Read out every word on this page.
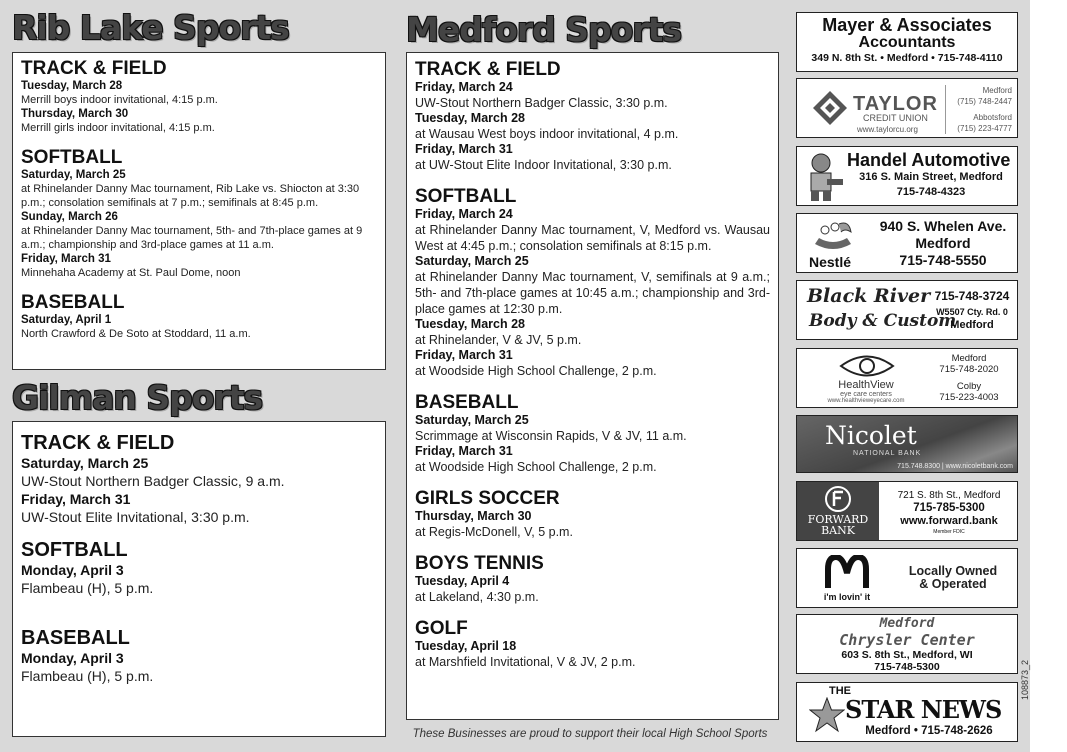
Rib Lake Sports
TRACK & FIELD
Tuesday, March 28
Merrill boys indoor invitational, 4:15 p.m.
Thursday, March 30
Merrill girls indoor invitational, 4:15 p.m.
SOFTBALL
Saturday, March 25
at Rhinelander Danny Mac tournament, Rib Lake vs. Shiocton at 3:30 p.m.; consolation semifinals at 7 p.m.; semifinals at 8:45 p.m.
Sunday, March 26
at Rhinelander Danny Mac tournament, 5th- and 7th-place games at 9 a.m.; championship and 3rd-place games at 11 a.m.
Friday, March 31
Minnehaha Academy at St. Paul Dome, noon
BASEBALL
Saturday, April 1
North Crawford & De Soto at Stoddard, 11 a.m.
Gilman Sports
TRACK & FIELD
Saturday, March 25
UW-Stout Northern Badger Classic, 9 a.m.
Friday, March 31
UW-Stout Elite Invitational, 3:30 p.m.
SOFTBALL
Monday, April 3
Flambeau (H), 5 p.m.
BASEBALL
Monday, April 3
Flambeau (H), 5 p.m.
Medford Sports
TRACK & FIELD
Friday, March 24
UW-Stout Northern Badger Classic, 3:30 p.m.
Tuesday, March 28
at Wausau West boys indoor invitational, 4 p.m.
Friday, March 31
at UW-Stout Elite Indoor Invitational, 3:30 p.m.
SOFTBALL
Friday, March 24
at Rhinelander Danny Mac tournament, V, Medford vs. Wausau West at 4:45 p.m.; consolation semifinals at 8:15 p.m.
Saturday, March 25
at Rhinelander Danny Mac tournament, V, semifinals at 9 a.m.; 5th- and 7th-place games at 10:45 a.m.; championship and 3rd-place games at 12:30 p.m.
Tuesday, March 28
at Rhinelander, V & JV, 5 p.m.
Friday, March 31
at Woodside High School Challenge, 2 p.m.
BASEBALL
Saturday, March 25
Scrimmage at Wisconsin Rapids, V & JV, 11 a.m.
Friday, March 31
at Woodside High School Challenge, 2 p.m.
GIRLS SOCCER
Thursday, March 30
at Regis-McDonell, V, 5 p.m.
BOYS TENNIS
Tuesday, April 4
at Lakeland, 4:30 p.m.
GOLF
Tuesday, April 18
at Marshfield Invitational, V & JV, 2 p.m.
These Businesses are proud to support their local High School Sports
Mayer & Associates
Accountants
349 N. 8th St. • Medford • 715-748-4110
TAYLOR
CREDIT UNION
www.taylorcu.org
Medford
(715) 748-2447
Abbotsford
(715) 223-4777
Handel Automotive
316 S. Main Street, Medford
715-748-4323
Nestlé
940 S. Whelen Ave.
Medford
715-748-5550
Black River
Body & Custom
715-748-3724
W5507 Cty. Rd. 0
Medford
HealthView
eye care centers
www.healthvieweyecare.com
Medford
715-748-2020
Colby
715-223-4003
Nicolet
NATIONAL BANK
715.748.8300 | www.nicoletbank.com
FORWARD
BANK
721 S. 8th St., Medford
715-785-5300
www.forward.bank
Member FDIC
i'm lovin' it
Locally Owned
& Operated
Medford
Chrysler Center
603 S. 8th St., Medford, WI
715-748-5300
THE
STAR NEWS
Medford • 715-748-2626
108873_2
